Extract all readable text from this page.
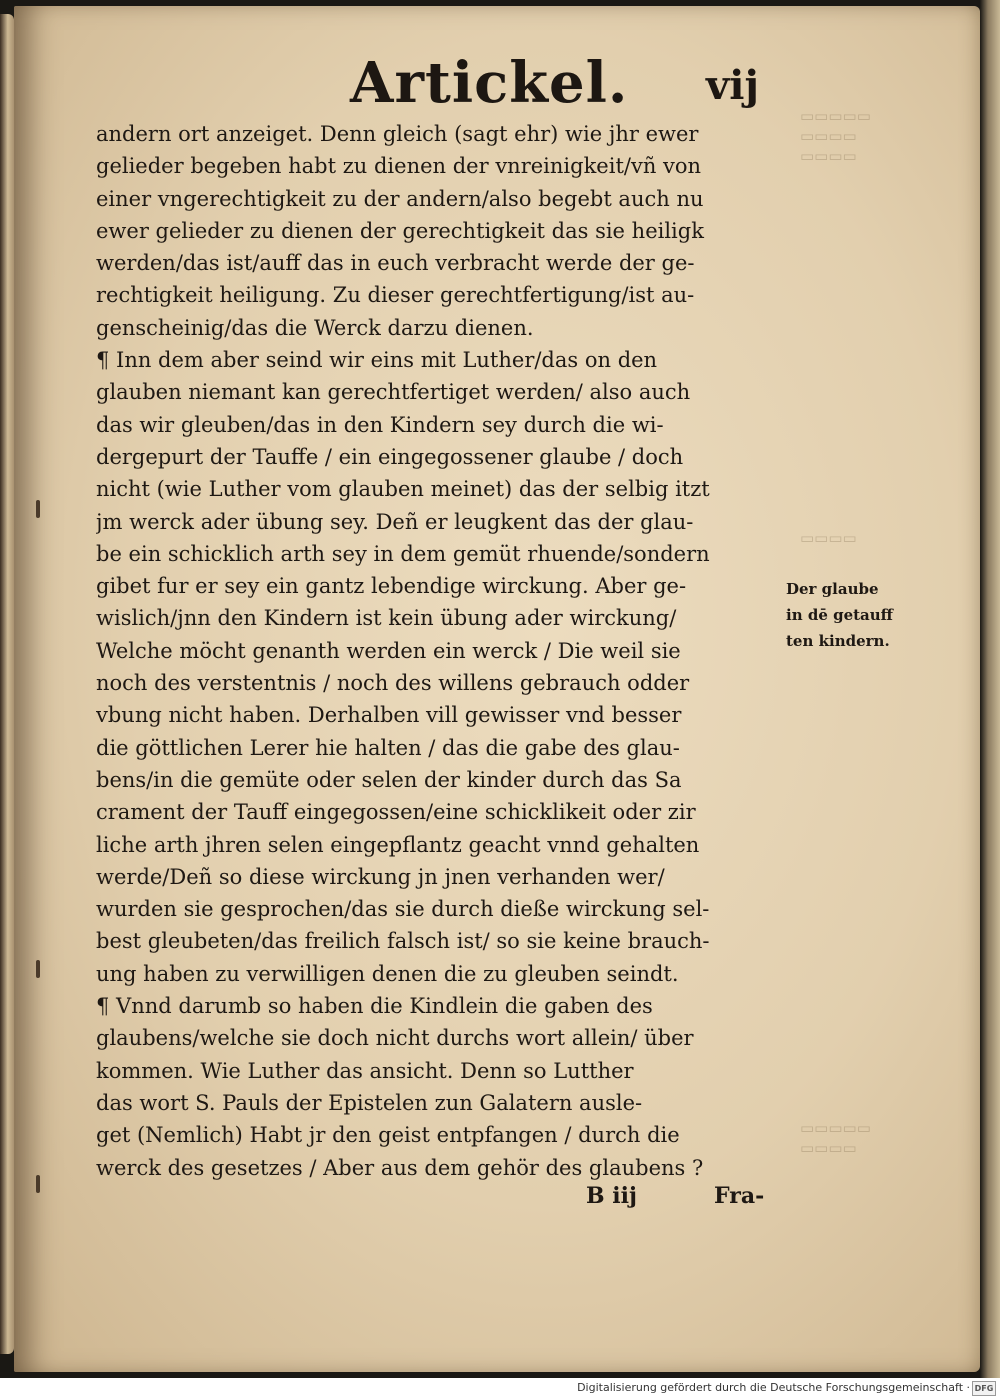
▭▭▭▭▭
▭▭▭▭
▭▭▭▭
▭▭▭▭
▭▭▭▭▭
▭▭▭▭
Artickel. vij
andern ort anzeiget. Denn gleich (sagt ehr) wie jhr ewer
gelieder begeben habt zu dienen der vnreinigkeit/vñ von
einer vngerechtigkeit zu der andern/also begebt auch nu
ewer gelieder zu dienen der gerechtigkeit das sie heiligk
werden/das ist/auff das in euch verbracht werde der ge-
rechtigkeit heiligung. Zu dieser gerechtfertigung/ist au-
genscheinig/das die Werck darzu dienen.
¶ Inn dem aber seind wir eins mit Luther/das on den
glauben niemant kan gerechtfertiget werden/ also auch
das wir gleuben/das in den Kindern sey durch die wi-
dergepurt der Tauffe / ein eingegossener glaube / doch
nicht (wie Luther vom glauben meinet) das der selbig itzt
jm werck ader übung sey. Deñ er leugkent das der glau-
be ein schicklich arth sey in dem gemüt rhuende/sondern
gibet fur er sey ein gantz lebendige wirckung. Aber ge-
wislich/jnn den Kindern ist kein übung ader wirckung/
Welche möcht genanth werden ein werck / Die weil sie
noch des verstentnis / noch des willens gebrauch odder
vbung nicht haben. Derhalben vill gewisser vnd besser
die göttlichen Lerer hie halten / das die gabe des glau-
bens/in die gemüte oder selen der kinder durch das Sa
crament der Tauff eingegossen/eine schicklikeit oder zir
liche arth jhren selen eingepflantz geacht vnnd gehalten
werde/Deñ so diese wirckung jn jnen verhanden wer/
wurden sie gesprochen/das sie durch dieße wirckung sel-
best gleubeten/das freilich falsch ist/ so sie keine brauch-
ung haben zu verwilligen denen die zu gleuben seindt.
¶ Vnnd darumb so haben die Kindlein die gaben des
glaubens/welche sie doch nicht durchs wort allein/ über
kommen. Wie Luther das ansicht. Denn so Lutther
das wort S. Pauls der Epistelen zun Galatern ausle-
get (Nemlich) Habt jr den geist entpfangen / durch die
werck des gesetzes / Aber aus dem gehör des glaubens ?
Der glaube
in dē getauff
ten kindern.
B iij	Fra-
Digitalisierung gefördert durch die Deutsche Forschungsgemeinschaft · DFG
